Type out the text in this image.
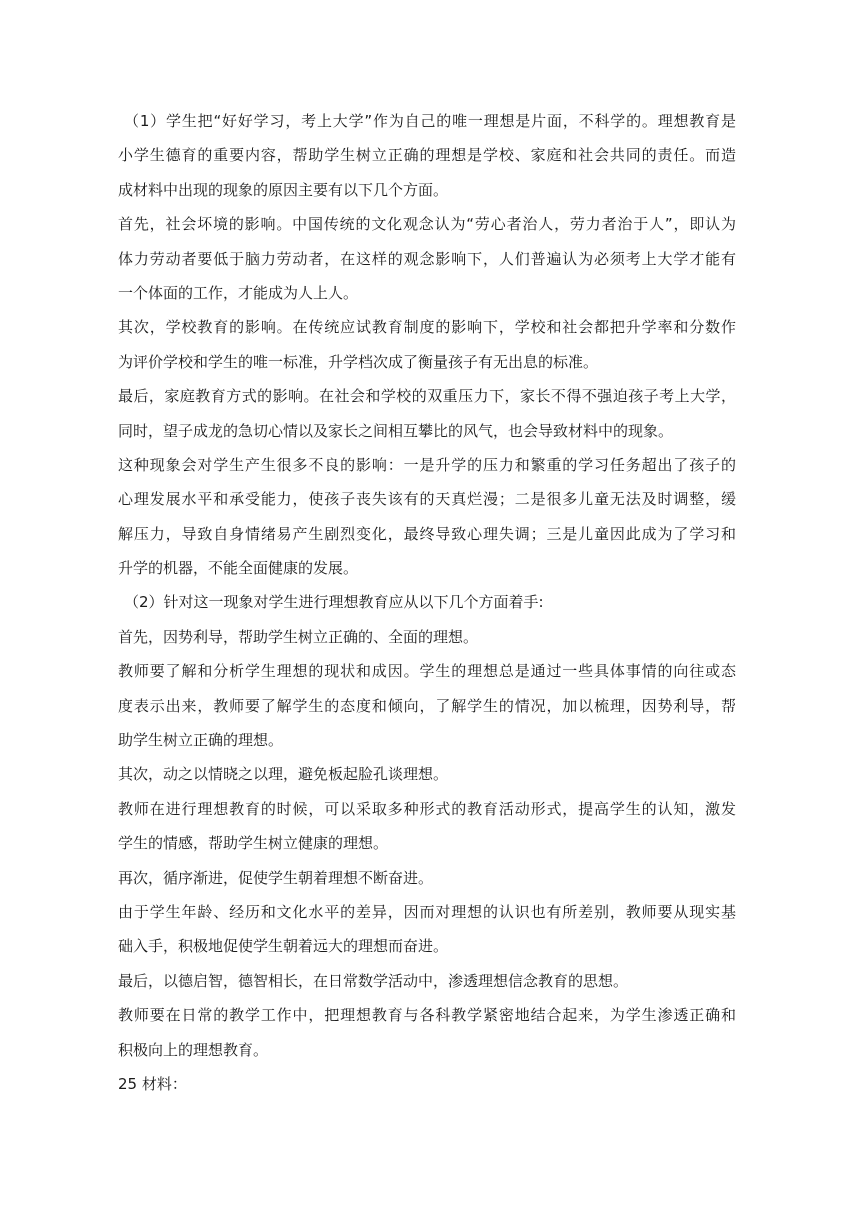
（1）学生把“好好学习，考上大学”作为自己的唯一理想是片面，不科学的。理想教育是
小学生德育的重要内容，帮助学生树立正确的理想是学校、家庭和社会共同的责任。而造
成材料中出现的现象的原因主要有以下几个方面。
首先，社会坏境的影响。中国传统的文化观念认为“劳心者治人，劳力者治于人”，即认为
体力劳动者要低于脑力劳动者，在这样的观念影响下，人们普遍认为必须考上大学才能有
一个体面的工作，才能成为人上人。
其次，学校教育的影响。在传统应试教育制度的影响下，学校和社会都把升学率和分数作
为评价学校和学生的唯一标准，升学档次成了衡量孩子有无出息的标准。
最后，家庭教育方式的影响。在社会和学校的双重压力下，家长不得不强迫孩子考上大学，
同时，望子成龙的急切心情以及家长之间相互攀比的风气，也会导致材料中的现象。
这种现象会对学生产生很多不良的影响：一是升学的压力和繁重的学习任务超出了孩子的
心理发展水平和承受能力，使孩子丧失该有的天真烂漫；二是很多儿童无法及时调整，缓
解压力，导致自身情绪易产生剧烈变化，最终导致心理失调；三是儿童因此成为了学习和
升学的机器，不能全面健康的发展。
（2）针对这一现象对学生进行理想教育应从以下几个方面着手:
首先，因势利导，帮助学生树立正确的、全面的理想。
教师要了解和分析学生理想的现状和成因。学生的理想总是通过一些具体事情的向往或态
度表示出来，教师要了解学生的态度和倾向，了解学生的情况，加以梳理，因势利导，帮
助学生树立正确的理想。
其次，动之以情晓之以理，避免板起脸孔谈理想。
教师在进行理想教育的时候，可以采取多种形式的教育活动形式，提高学生的认知，激发
学生的情感，帮助学生树立健康的理想。
再次，循序渐进，促使学生朝着理想不断奋进。
由于学生年龄、经历和文化水平的差异，因而对理想的认识也有所差别，教师要从现实基
础入手，积极地促使学生朝着远大的理想而奋进。
最后，以德启智，德智相长，在日常数学活动中，渗透理想信念教育的思想。
教师要在日常的教学工作中，把理想教育与各科教学紧密地结合起来，为学生渗透正确和
积极向上的理想教育。
25 材料：
